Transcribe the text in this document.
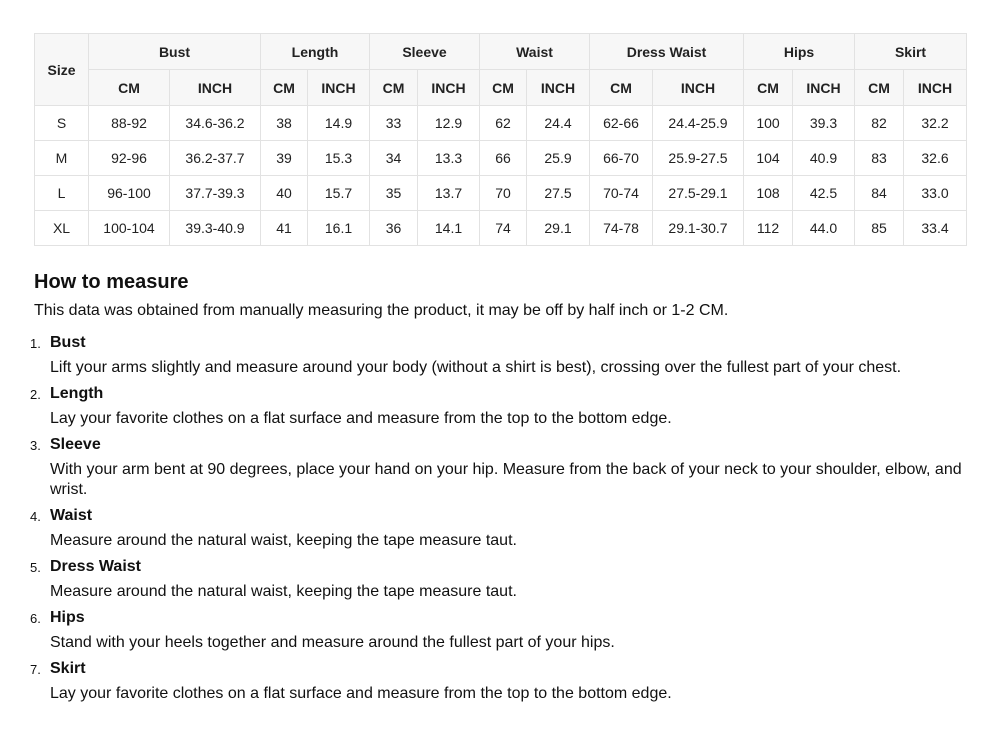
Size	Bust		Length		Sleeve		Waist		Dress Waist		Hips		Skirt	
	CM	INCH	CM	INCH	CM	INCH	CM	INCH	CM	INCH	CM	INCH	CM	INCH
S	88-92	34.6-36.2	38	14.9	33	12.9	62	24.4	62-66	24.4-25.9	100	39.3	82	32.2
M	92-96	36.2-37.7	39	15.3	34	13.3	66	25.9	66-70	25.9-27.5	104	40.9	83	32.6
L	96-100	37.7-39.3	40	15.7	35	13.7	70	27.5	70-74	27.5-29.1	108	42.5	84	33.0
XL	100-104	39.3-40.9	41	16.1	36	14.1	74	29.1	74-78	29.1-30.7	112	44.0	85	33.4
How to measure

This data was obtained from manually measuring the product, it may be off by half inch or 1-2 CM.

1. Bust
Lift your arms slightly and measure around your body (without a shirt is best), crossing over the fullest part of your chest.
2. Length
Lay your favorite clothes on a flat surface and measure from the top to the bottom edge.
3. Sleeve
With your arm bent at 90 degrees, place your hand on your hip. Measure from the back of your neck to your shoulder, elbow, and wrist.
4. Waist
Measure around the natural waist, keeping the tape measure taut.
5. Dress Waist
Measure around the natural waist, keeping the tape measure taut.
6. Hips
Stand with your heels together and measure around the fullest part of your hips.
7. Skirt
Lay your favorite clothes on a flat surface and measure from the top to the bottom edge.
